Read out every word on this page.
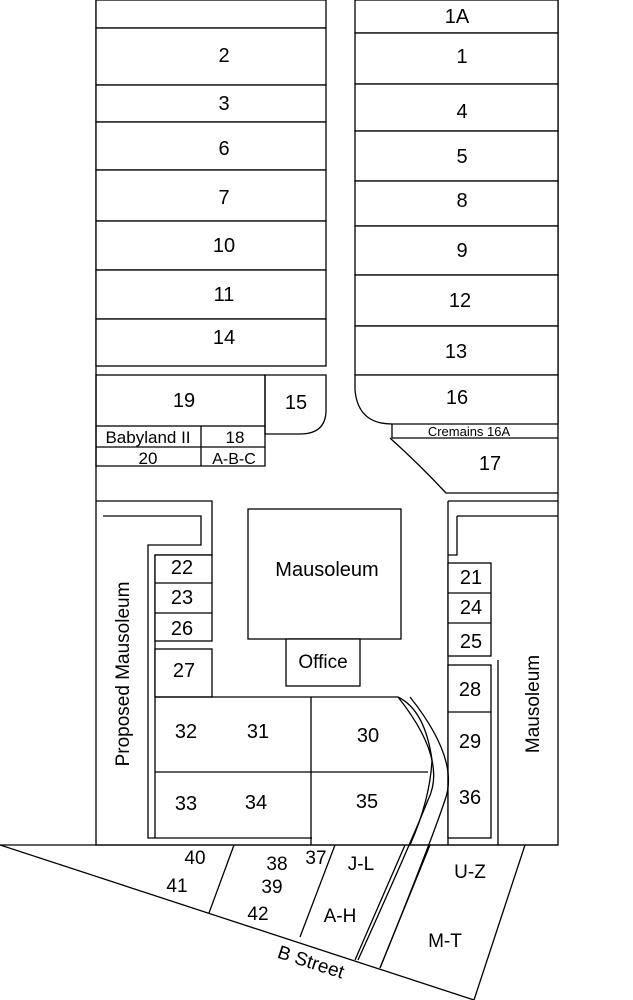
2
3
6
7
10
11
14
19	15
1A
1
4
5
8
9
12
13
16
17
Cremains 16A
Babyland II 18
20	A-B-C
Mausoleum
Office
Proposed Mausoleum	Mausoleum
22
23
26
27
21
24
25
28
29
36
32 31	30
33 34	35
40
41
38 37
39
42
J-L
A-H
U-Z
M-T
B Street
